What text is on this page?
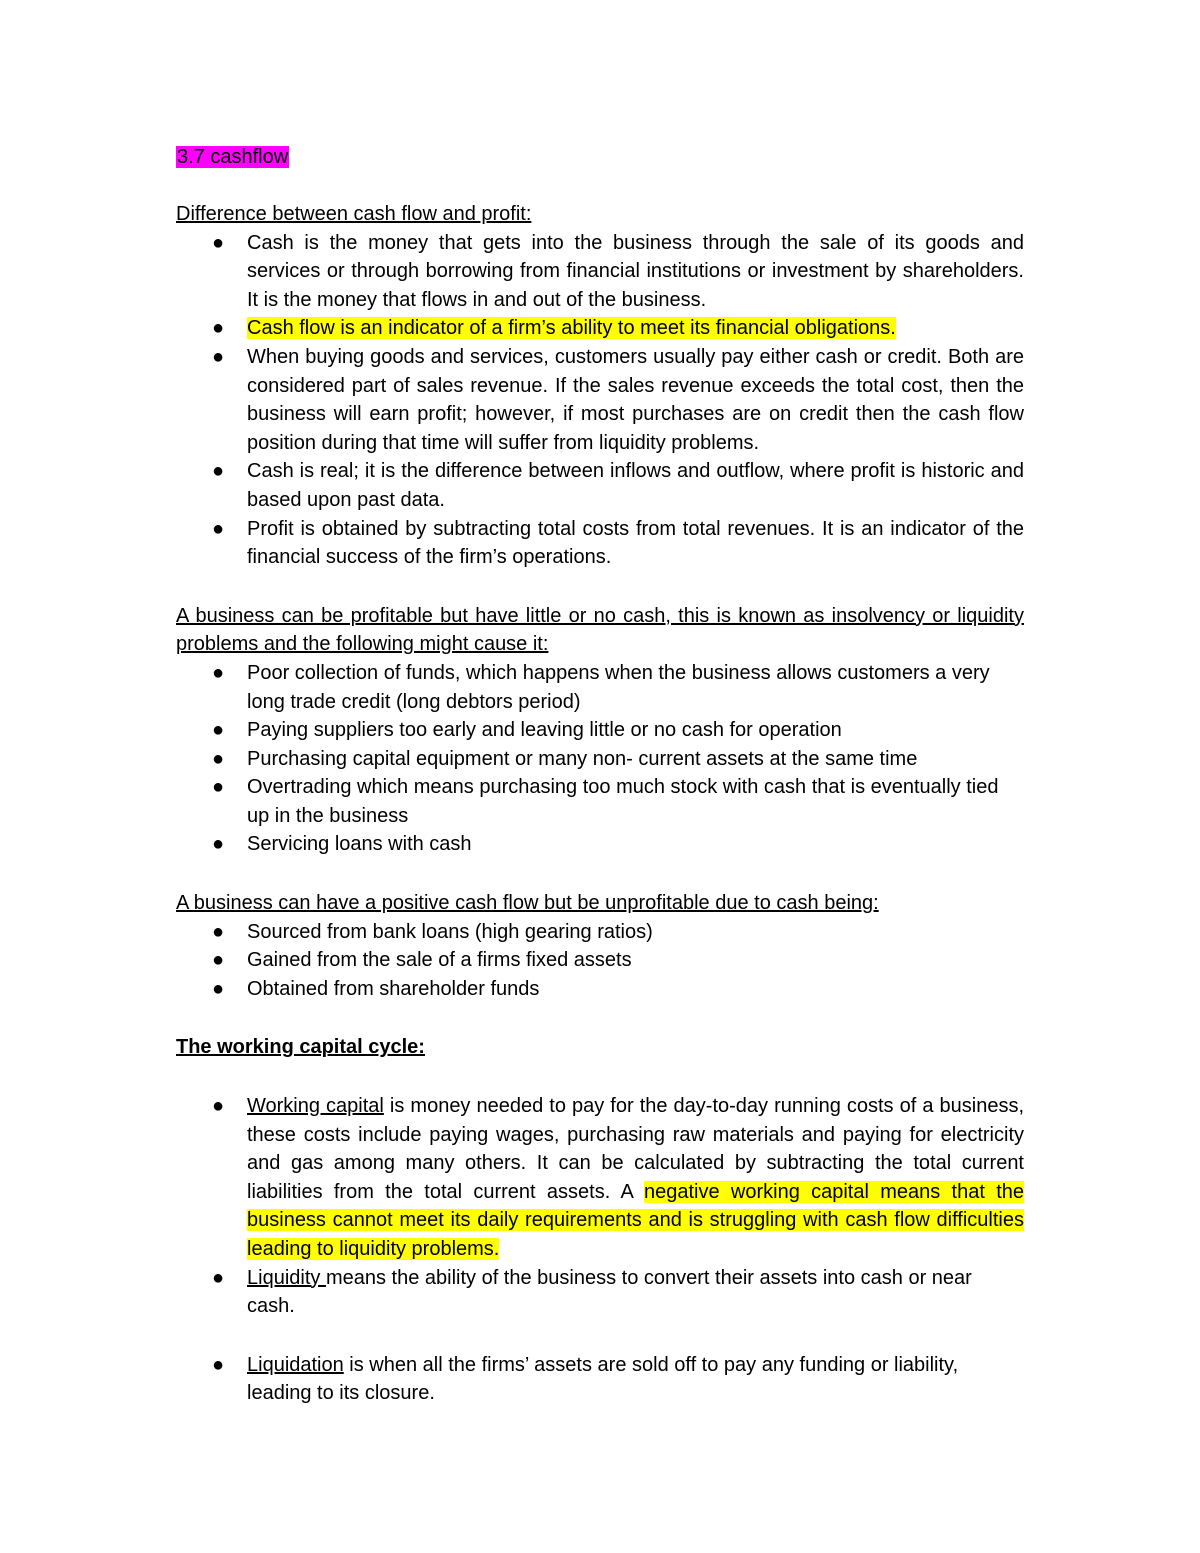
3.7 cashflow

Difference between cash flow and profit:

● Cash is the money that gets into the business through the sale of its goods and services or through borrowing from financial institutions or investment by shareholders. It is the money that flows in and out of the business.
● Cash flow is an indicator of a firm’s ability to meet its financial obligations.
● When buying goods and services, customers usually pay either cash or credit. Both are considered part of sales revenue. If the sales revenue exceeds the total cost, then the business will earn profit; however, if most purchases are on credit then the cash flow position during that time will suffer from liquidity problems.
● Cash is real; it is the difference between inflows and outflow, where profit is historic and based upon past data.
● Profit is obtained by subtracting total costs from total revenues. It is an indicator of the financial success of the firm’s operations.

A business can be profitable but have little or no cash, this is known as insolvency or liquidity problems and the following might cause it:

● Poor collection of funds, which happens when the business allows customers a very long trade credit (long debtors period)
● Paying suppliers too early and leaving little or no cash for operation
● Purchasing capital equipment or many non- current assets at the same time
● Overtrading which means purchasing too much stock with cash that is eventually tied up in the business
● Servicing loans with cash

A business can have a positive cash flow but be unprofitable due to cash being:

● Sourced from bank loans (high gearing ratios)
● Gained from the sale of a firms fixed assets
● Obtained from shareholder funds

The working capital cycle:

● Working capital is money needed to pay for the day-to-day running costs of a business, these costs include paying wages, purchasing raw materials and paying for electricity and gas among many others. It can be calculated by subtracting the total current liabilities from the total current assets. A negative working capital means that the business cannot meet its daily requirements and is struggling with cash flow difficulties leading to liquidity problems.
● Liquidity means the ability of the business to convert their assets into cash or near cash.
● Liquidation is when all the firms’ assets are sold off to pay any funding or liability, leading to its closure.
